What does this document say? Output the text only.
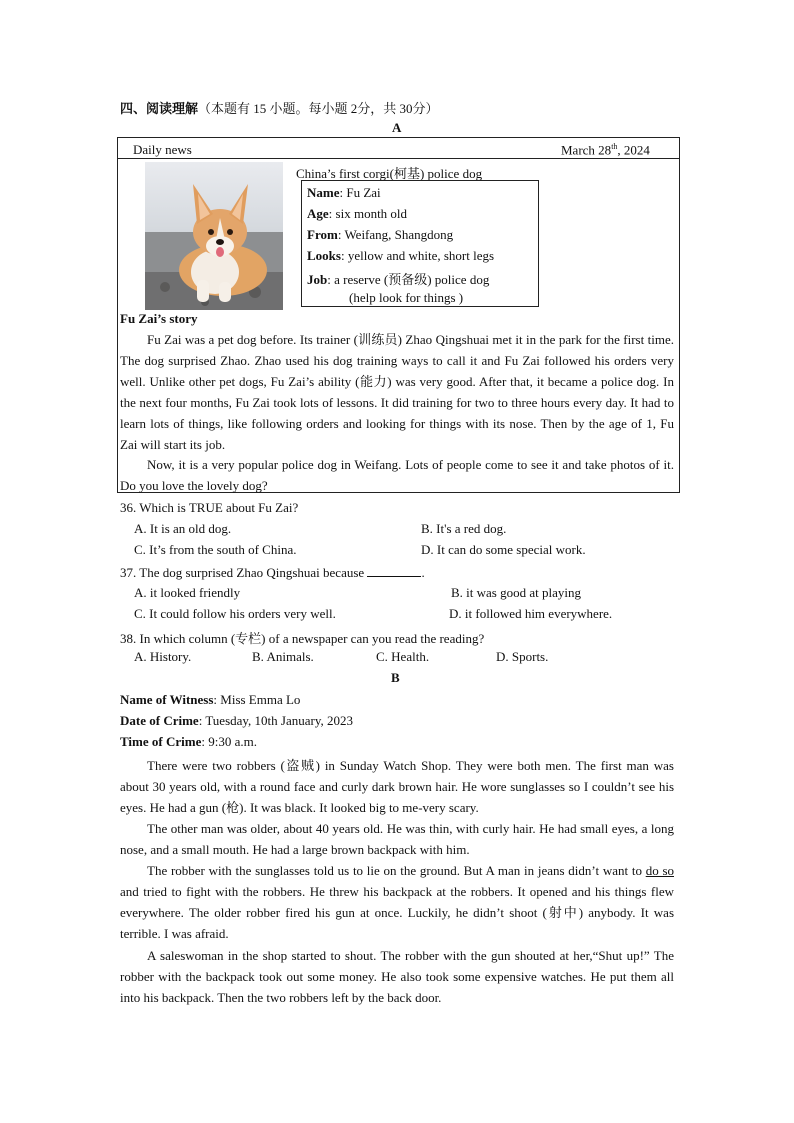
四、阅读理解（本题有 15 小题。每小题 2分，共 30分）
A
Daily news	March 28th, 2024
China’s first corgi(柯基) police dog
Name: Fu Zai
Age: six month old
From: Weifang, Shangdong
Looks: yellow and white, short legs
Job: a reserve (预备级) police dog
(help look for things )
Fu Zai’s story
Fu Zai was a pet dog before. Its trainer (训练员) Zhao Qingshuai met it in the park for the first time. The dog surprised Zhao. Zhao used his dog training ways to call it and Fu Zai followed his orders very well. Unlike other pet dogs, Fu Zai’s ability (能力) was very good. After that, it became a police dog. In the next four months, Fu Zai took lots of lessons. It did training for two to three hours every day. It had to learn lots of things, like following orders and looking for things with its nose. Then by the age of 1, Fu Zai will start its job.
Now, it is a very popular police dog in Weifang. Lots of people come to see it and take photos of it. Do you love the lovely dog?
36. Which is TRUE about Fu Zai?
A. It is an old dog.	B. It's a red dog.
C. It’s from the south of China.	D. It can do some special work.
37. The dog surprised Zhao Qingshuai because	.
A. it looked friendly	B. it was good at playing
C. It could follow his orders very well.	D. it followed him everywhere.
38. In which column (专栏) of a newspaper can you read the reading?
A. History.	B. Animals.	C. Health.	D. Sports.
B
Name of Witness: Miss Emma Lo
Date of Crime: Tuesday, 10th January, 2023
Time of Crime: 9:30 a.m.
There were two robbers (盗贼) in Sunday Watch Shop. They were both men. The first man was about 30 years old, with a round face and curly dark brown hair. He wore sunglasses so I couldn’t see his eyes. He had a gun (枪). It was black. It looked big to me-very scary.
The other man was older, about 40 years old. He was thin, with curly hair. He had small eyes, a long nose, and a small mouth. He had a large brown backpack with him.
The robber with the sunglasses told us to lie on the ground. But A man in jeans didn’t want to do so and tried to fight with the robbers. He threw his backpack at the robbers. It opened and his things flew everywhere. The older robber fired his gun at once. Luckily, he didn’t shoot (射中) anybody. It was terrible. I was afraid.
A saleswoman in the shop started to shout. The robber with the gun shouted at her,“Shut up!” The robber with the backpack took out some money. He also took some expensive watches. He put them all into his backpack. Then the two robbers left by the back door.
